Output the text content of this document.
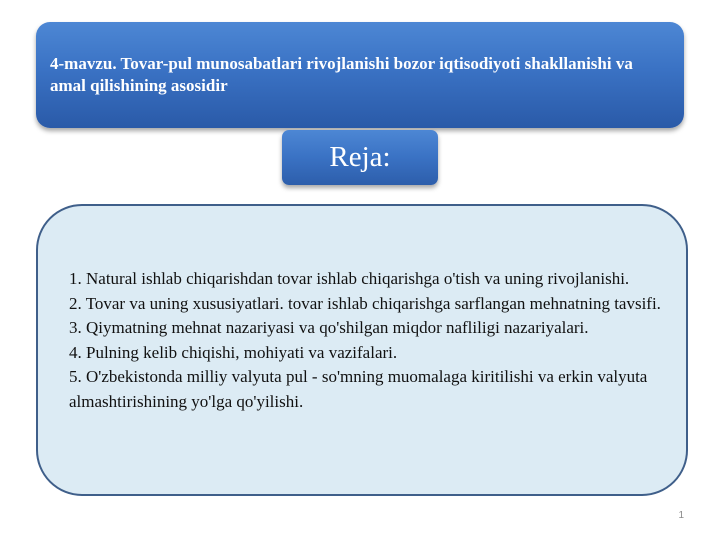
4-mavzu. Tovar-pul munosabatlari rivojlanishi bozor iqtisodiyoti shakllanishi va amal qilishining asosidir
Reja:

1. Natural ishlab chiqarishdan tovar ishlab chiqarishga o'tish va uning rivojlanishi.

2. Tovar va uning xususiyatlari. tovar ishlab chiqarishga sarflangan mehnatning tavsifi.

3. Qiymatning mehnat nazariyasi va qo'shilgan miqdor nafliligi nazariyalari.

4. Pulning kelib chiqishi, mohiyati va vazifalari.

5. O'zbekistonda milliy valyuta pul - so'mning muomalaga kiritilishi va erkin valyuta almashtirishining yo'lga qo'yilishi.

1
